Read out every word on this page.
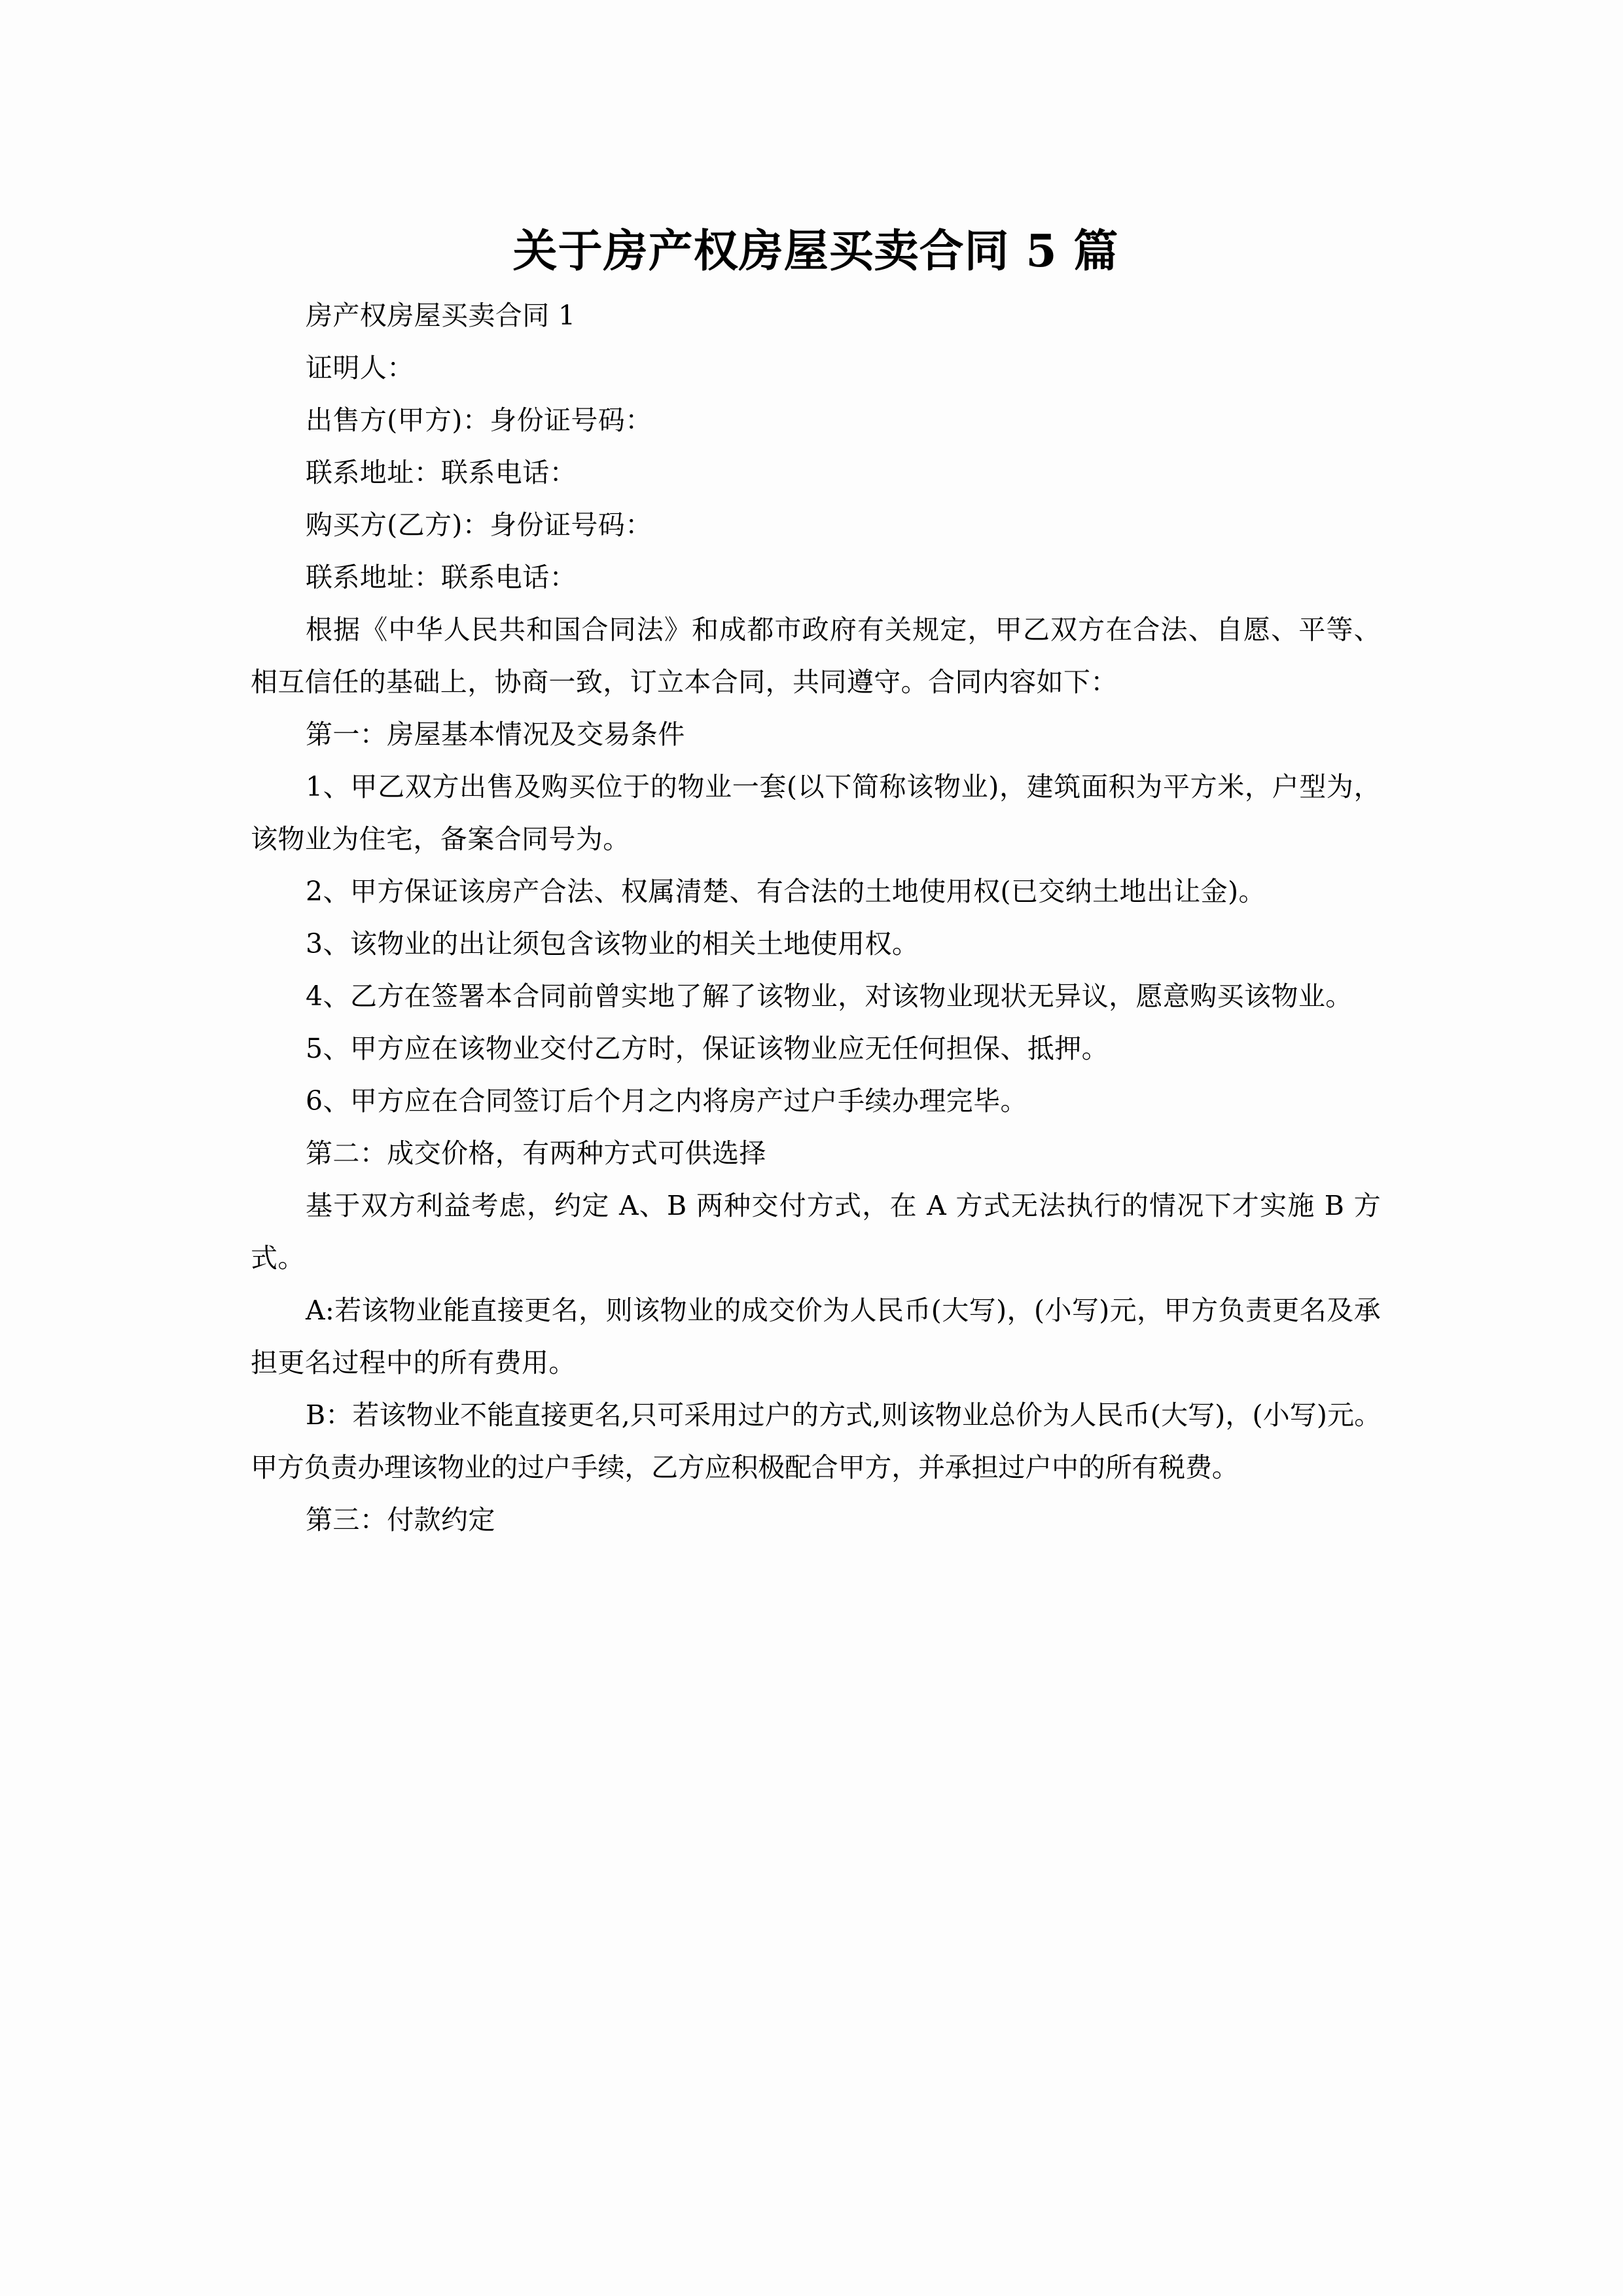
关于房产权房屋买卖合同 5 篇

房产权房屋买卖合同 1

证明人：

出售方(甲方)：身份证号码：

联系地址：联系电话：

购买方(乙方)：身份证号码：

联系地址：联系电话：

根据《中华人民共和国合同法》和成都市政府有关规定，甲乙双方在合法、自愿、平等、相互信任的基础上，协商一致，订立本合同，共同遵守。合同内容如下：

第一：房屋基本情况及交易条件

1、甲乙双方出售及购买位于的物业一套(以下简称该物业)，建筑面积为平方米，户型为，该物业为住宅，备案合同号为。

2、甲方保证该房产合法、权属清楚、有合法的土地使用权(已交纳土地出让金)。

3、该物业的出让须包含该物业的相关土地使用权。

4、乙方在签署本合同前曾实地了解了该物业，对该物业现状无异议，愿意购买该物业。

5、甲方应在该物业交付乙方时，保证该物业应无任何担保、抵押。

6、甲方应在合同签订后个月之内将房产过户手续办理完毕。

第二：成交价格，有两种方式可供选择

基于双方利益考虑，约定 A、B 两种交付方式，在 A 方式无法执行的情况下才实施 B 方式。

A:若该物业能直接更名，则该物业的成交价为人民币(大写)，(小写)元，甲方负责更名及承担更名过程中的所有费用。

B：若该物业不能直接更名,只可采用过户的方式,则该物业总价为人民币(大写)，(小写)元。甲方负责办理该物业的过户手续，乙方应积极配合甲方，并承担过户中的所有税费。

第三：付款约定
